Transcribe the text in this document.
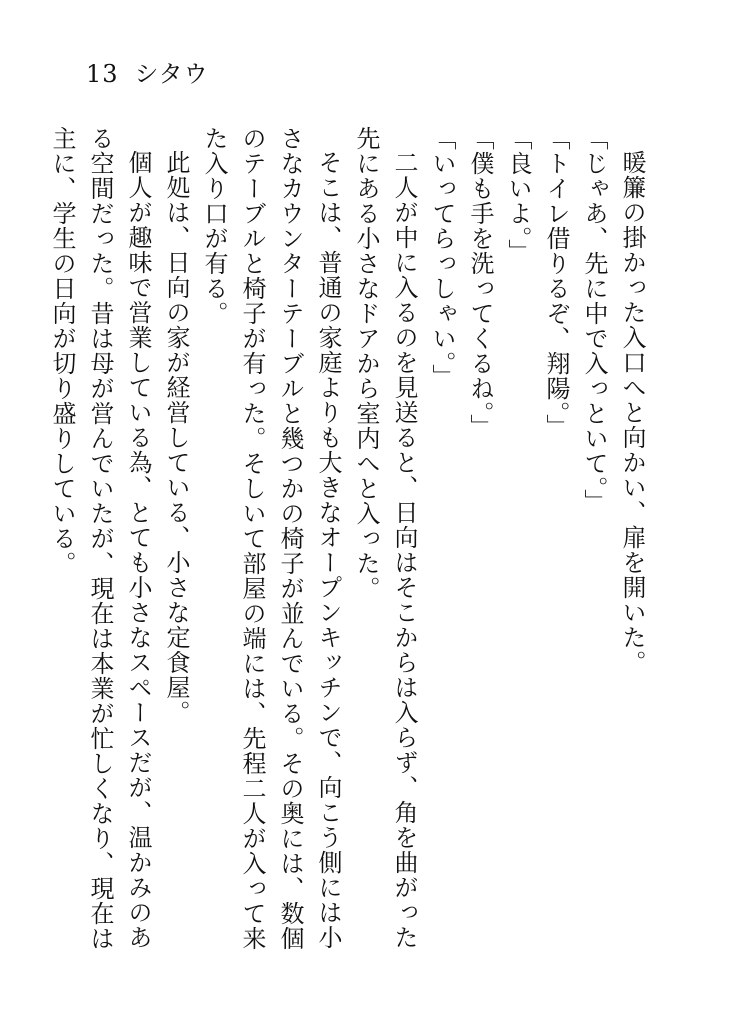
13 シタウ

暖簾の掛かった入口へと向かい、扉を開いた。

「じゃあ、先に中で入っといて。」

「トイレ借りるぞ、翔陽。」

「良いよ。」

「僕も手を洗ってくるね。」

「いってらっしゃい。」

二人が中に入るのを見送ると、日向はそこからは入らず、角を曲がった先にある小さなドアから室内へと入った。

そこは、普通の家庭よりも大きなオープンキッチンで、向こう側には小さなカウンターテーブルと幾つかの椅子が並んでいる。その奥には、数個のテーブルと椅子が有った。そしいて部屋の端には、先程二人が入って来た入り口が有る。

此処は、日向の家が経営している、小さな定食屋。

個人が趣味で営業している為、とても小さなスペースだが、温かみのある空間だった。昔は母が営んでいたが、現在は本業が忙しくなり、現在は主に、学生の日向が切り盛りしている。
